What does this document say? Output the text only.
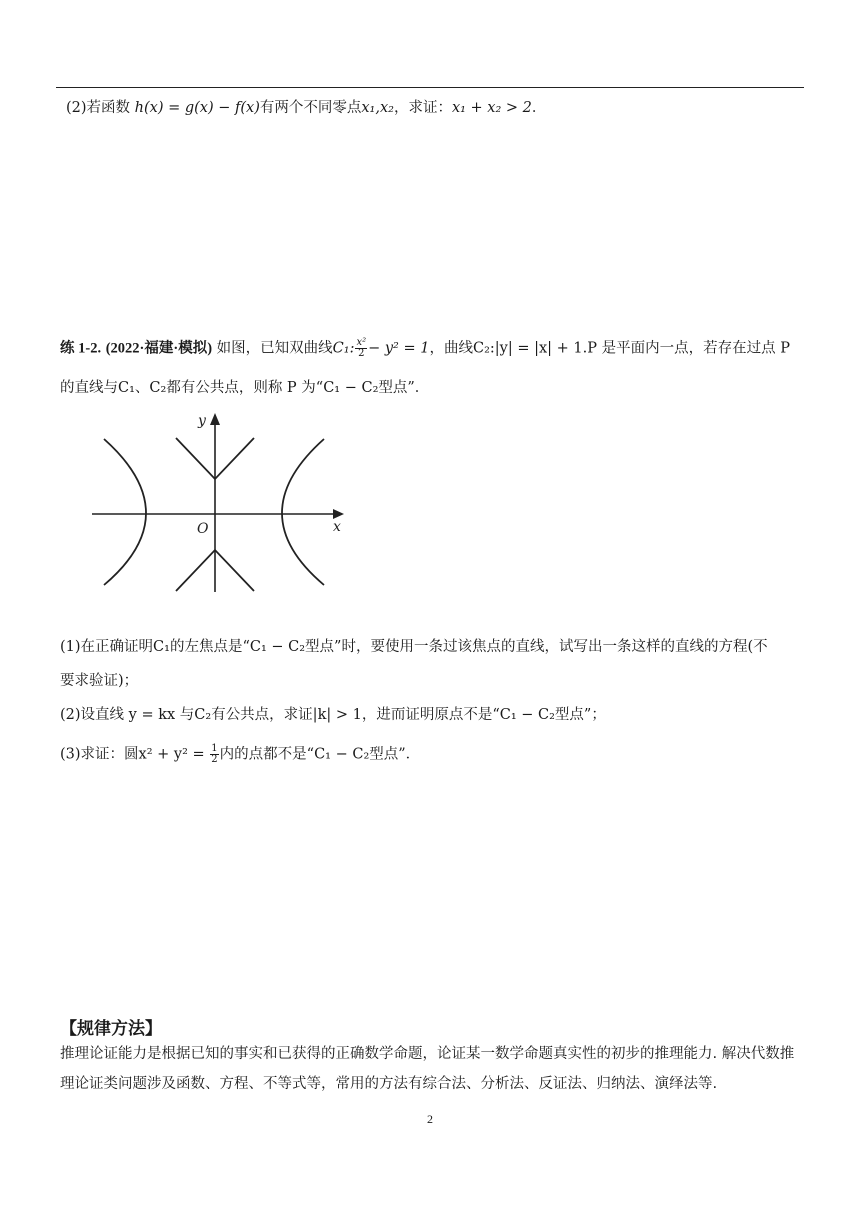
(2)若函数 h(x) = g(x) − f(x)有两个不同零点x₁,x₂，求证：x₁ + x₂ > 2．
练 1-2. (2022·福建·模拟) 如图，已知双曲线C₁: $\frac{\text{x²}}{2} - y^2 = 1$，曲线C₂:|y| = |x| + 1.P 是平面内一点，若存在过点 P
的直线与C₁、C₂都有公共点，则称 P 为“C₁ − C₂型点”．
x
y
O
(1)在正确证明C₁的左焦点是“C₁ − C₂型点”时，要使用一条过该焦点的直线，试写出一条这样的直线的方程(不
要求验证)；
(2)设直线 y = kx 与C₂有公共点，求证|k| > 1，进而证明原点不是“C₁ − C₂型点”；
(3)求证：圆$x^2 + y^2 = \frac{1}{2}$ 内的点都不是“C₁ − C₂型点”．
【规律方法】
推理论证能力是根据已知的事实和已获得的正确数学命题，论证某一数学命题真实性的初步的推理能力. 解决代数推理论证类问题涉及函数、方程、不等式等，常用的方法有综合法、分析法、反证法、归纳法、演绎法等.
2
